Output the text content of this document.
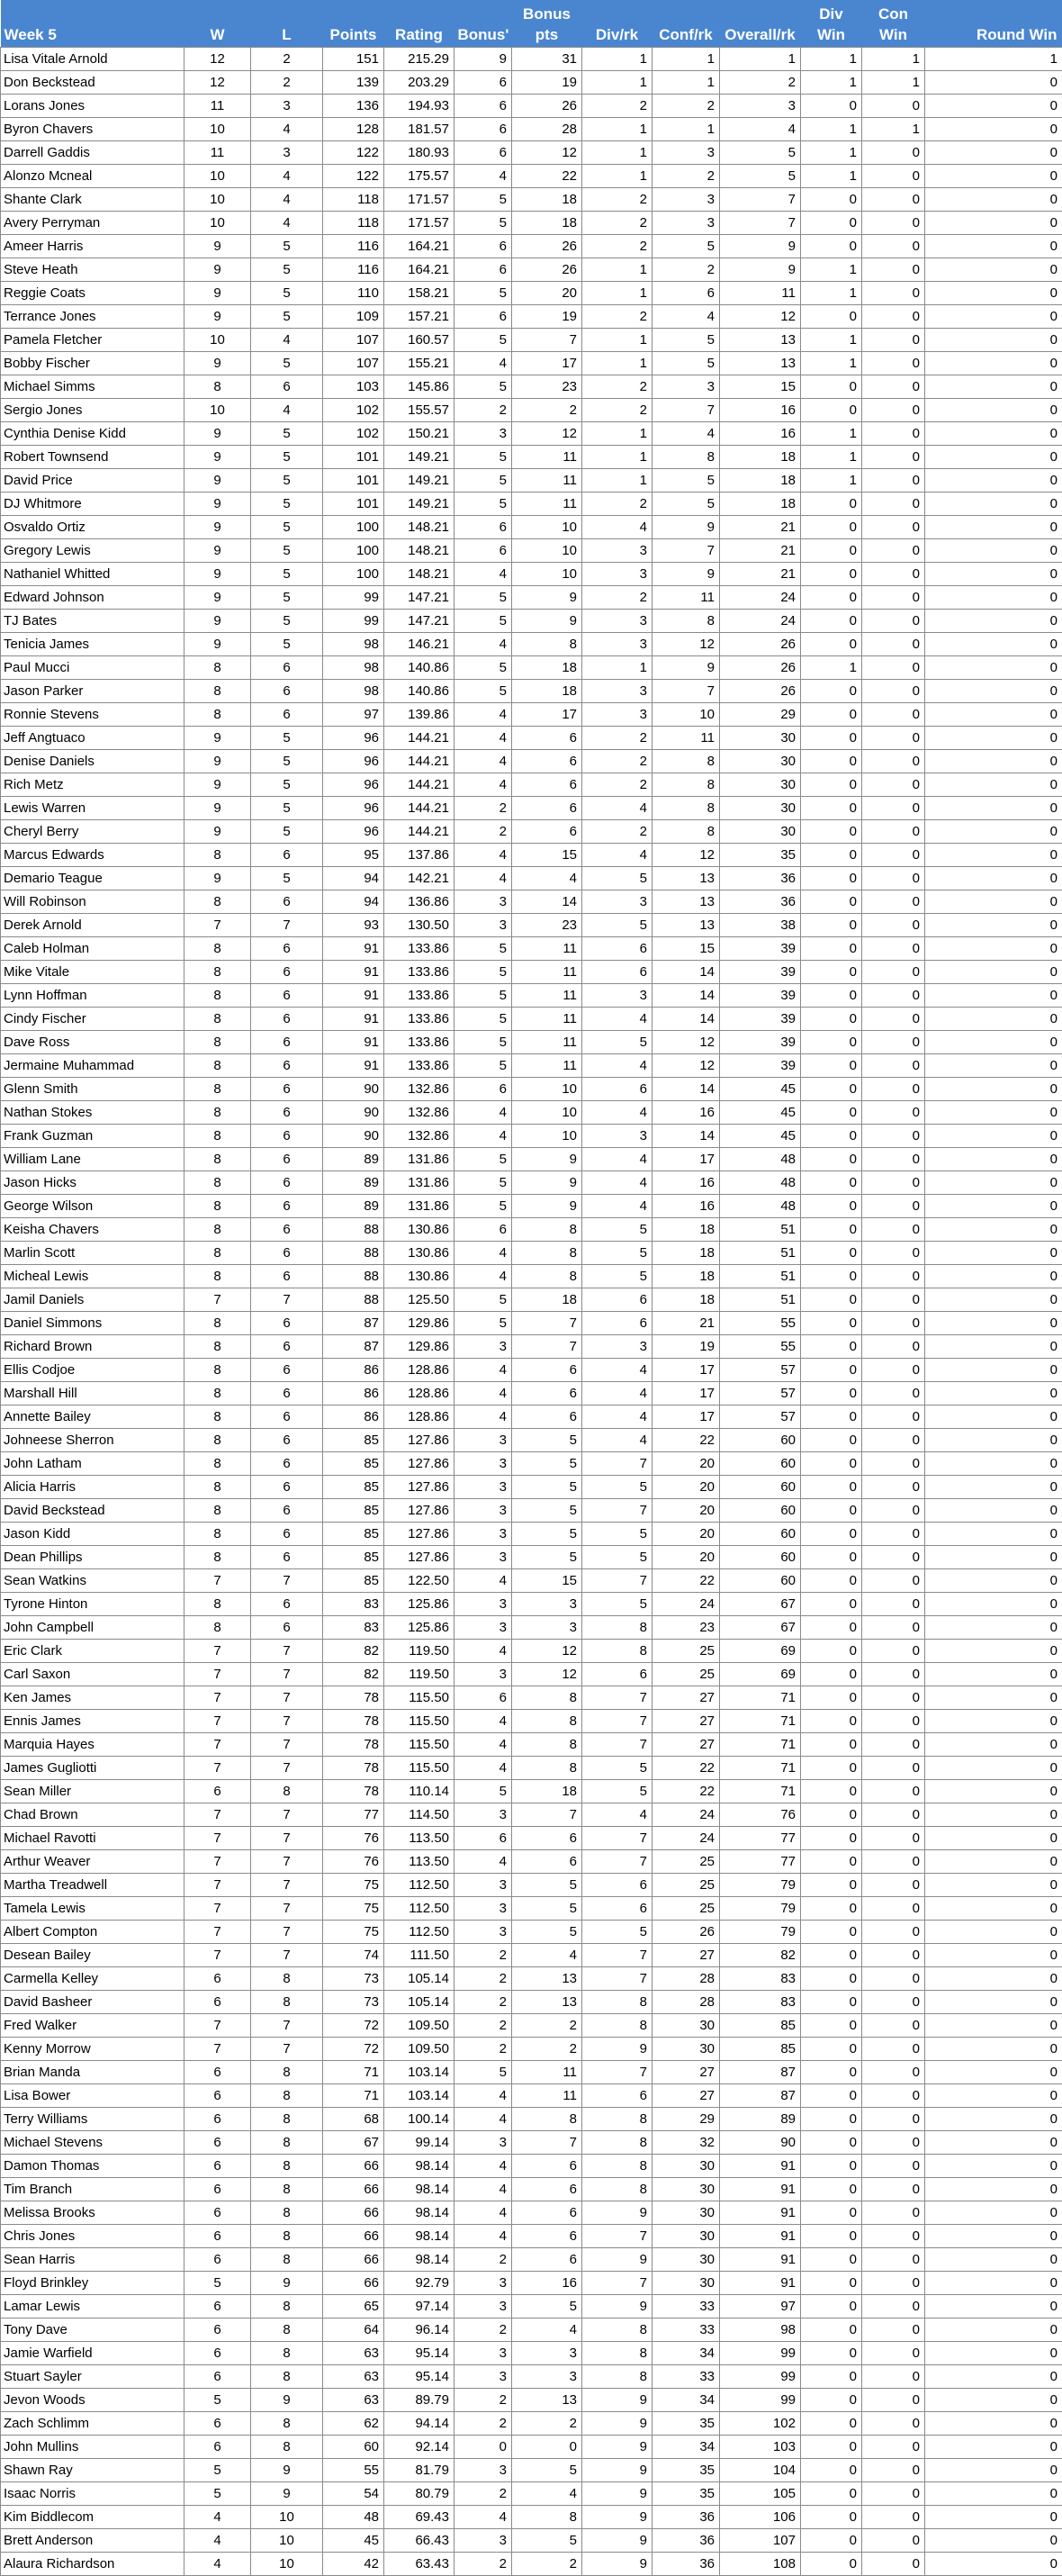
Week 5	W	L	Points	Rating	Bonus'	Bonus pts	Div/rk	Conf/rk	Overall/rk	Div Win	Con Win	Round Win
Lisa Vitale Arnold	12	2	151	215.29	9	31	1	1	1	1	1	1
Don Beckstead	12	2	139	203.29	6	19	1	1	2	1	1	0
Lorans Jones	11	3	136	194.93	6	26	2	2	3	0	0	0
Byron Chavers	10	4	128	181.57	6	28	1	1	4	1	1	0
Darrell Gaddis	11	3	122	180.93	6	12	1	3	5	1	0	0
Alonzo Mcneal	10	4	122	175.57	4	22	1	2	5	1	0	0
Shante Clark	10	4	118	171.57	5	18	2	3	7	0	0	0
Avery Perryman	10	4	118	171.57	5	18	2	3	7	0	0	0
Ameer Harris	9	5	116	164.21	6	26	2	5	9	0	0	0
Steve Heath	9	5	116	164.21	6	26	1	2	9	1	0	0
Reggie Coats	9	5	110	158.21	5	20	1	6	11	1	0	0
Terrance Jones	9	5	109	157.21	6	19	2	4	12	0	0	0
Pamela Fletcher	10	4	107	160.57	5	7	1	5	13	1	0	0
Bobby Fischer	9	5	107	155.21	4	17	1	5	13	1	0	0
Michael Simms	8	6	103	145.86	5	23	2	3	15	0	0	0
Sergio Jones	10	4	102	155.57	2	2	2	7	16	0	0	0
Cynthia Denise Kidd	9	5	102	150.21	3	12	1	4	16	1	0	0
Robert Townsend	9	5	101	149.21	5	11	1	8	18	1	0	0
David Price	9	5	101	149.21	5	11	1	5	18	1	0	0
DJ Whitmore	9	5	101	149.21	5	11	2	5	18	0	0	0
Osvaldo Ortiz	9	5	100	148.21	6	10	4	9	21	0	0	0
Gregory Lewis	9	5	100	148.21	6	10	3	7	21	0	0	0
Nathaniel Whitted	9	5	100	148.21	4	10	3	9	21	0	0	0
Edward Johnson	9	5	99	147.21	5	9	2	11	24	0	0	0
TJ Bates	9	5	99	147.21	5	9	3	8	24	0	0	0
Tenicia James	9	5	98	146.21	4	8	3	12	26	0	0	0
Paul Mucci	8	6	98	140.86	5	18	1	9	26	1	0	0
Jason Parker	8	6	98	140.86	5	18	3	7	26	0	0	0
Ronnie Stevens	8	6	97	139.86	4	17	3	10	29	0	0	0
Jeff Angtuaco	9	5	96	144.21	4	6	2	11	30	0	0	0
Denise Daniels	9	5	96	144.21	4	6	2	8	30	0	0	0
Rich Metz	9	5	96	144.21	4	6	2	8	30	0	0	0
Lewis Warren	9	5	96	144.21	2	6	4	8	30	0	0	0
Cheryl Berry	9	5	96	144.21	2	6	2	8	30	0	0	0
Marcus Edwards	8	6	95	137.86	4	15	4	12	35	0	0	0
Demario Teague	9	5	94	142.21	4	4	5	13	36	0	0	0
Will Robinson	8	6	94	136.86	3	14	3	13	36	0	0	0
Derek Arnold	7	7	93	130.50	3	23	5	13	38	0	0	0
Caleb Holman	8	6	91	133.86	5	11	6	15	39	0	0	0
Mike Vitale	8	6	91	133.86	5	11	6	14	39	0	0	0
Lynn Hoffman	8	6	91	133.86	5	11	3	14	39	0	0	0
Cindy Fischer	8	6	91	133.86	5	11	4	14	39	0	0	0
Dave Ross	8	6	91	133.86	5	11	5	12	39	0	0	0
Jermaine Muhammad	8	6	91	133.86	5	11	4	12	39	0	0	0
Glenn Smith	8	6	90	132.86	6	10	6	14	45	0	0	0
Nathan Stokes	8	6	90	132.86	4	10	4	16	45	0	0	0
Frank Guzman	8	6	90	132.86	4	10	3	14	45	0	0	0
William Lane	8	6	89	131.86	5	9	4	17	48	0	0	0
Jason Hicks	8	6	89	131.86	5	9	4	16	48	0	0	0
George Wilson	8	6	89	131.86	5	9	4	16	48	0	0	0
Keisha Chavers	8	6	88	130.86	6	8	5	18	51	0	0	0
Marlin Scott	8	6	88	130.86	4	8	5	18	51	0	0	0
Micheal Lewis	8	6	88	130.86	4	8	5	18	51	0	0	0
Jamil Daniels	7	7	88	125.50	5	18	6	18	51	0	0	0
Daniel Simmons	8	6	87	129.86	5	7	6	21	55	0	0	0
Richard Brown	8	6	87	129.86	3	7	3	19	55	0	0	0
Ellis Codjoe	8	6	86	128.86	4	6	4	17	57	0	0	0
Marshall Hill	8	6	86	128.86	4	6	4	17	57	0	0	0
Annette Bailey	8	6	86	128.86	4	6	4	17	57	0	0	0
Johneese Sherron	8	6	85	127.86	3	5	4	22	60	0	0	0
John Latham	8	6	85	127.86	3	5	7	20	60	0	0	0
Alicia Harris	8	6	85	127.86	3	5	5	20	60	0	0	0
David Beckstead	8	6	85	127.86	3	5	7	20	60	0	0	0
Jason Kidd	8	6	85	127.86	3	5	5	20	60	0	0	0
Dean Phillips	8	6	85	127.86	3	5	5	20	60	0	0	0
Sean Watkins	7	7	85	122.50	4	15	7	22	60	0	0	0
Tyrone Hinton	8	6	83	125.86	3	3	5	24	67	0	0	0
John Campbell	8	6	83	125.86	3	3	8	23	67	0	0	0
Eric Clark	7	7	82	119.50	4	12	8	25	69	0	0	0
Carl Saxon	7	7	82	119.50	3	12	6	25	69	0	0	0
Ken James	7	7	78	115.50	6	8	7	27	71	0	0	0
Ennis James	7	7	78	115.50	4	8	7	27	71	0	0	0
Marquia Hayes	7	7	78	115.50	4	8	7	27	71	0	0	0
James Gugliotti	7	7	78	115.50	4	8	5	22	71	0	0	0
Sean Miller	6	8	78	110.14	5	18	5	22	71	0	0	0
Chad Brown	7	7	77	114.50	3	7	4	24	76	0	0	0
Michael Ravotti	7	7	76	113.50	6	6	7	24	77	0	0	0
Arthur Weaver	7	7	76	113.50	4	6	7	25	77	0	0	0
Martha Treadwell	7	7	75	112.50	3	5	6	25	79	0	0	0
Tamela Lewis	7	7	75	112.50	3	5	6	25	79	0	0	0
Albert Compton	7	7	75	112.50	3	5	5	26	79	0	0	0
Desean Bailey	7	7	74	111.50	2	4	7	27	82	0	0	0
Carmella Kelley	6	8	73	105.14	2	13	7	28	83	0	0	0
David Basheer	6	8	73	105.14	2	13	8	28	83	0	0	0
Fred Walker	7	7	72	109.50	2	2	8	30	85	0	0	0
Kenny Morrow	7	7	72	109.50	2	2	9	30	85	0	0	0
Brian Manda	6	8	71	103.14	5	11	7	27	87	0	0	0
Lisa Bower	6	8	71	103.14	4	11	6	27	87	0	0	0
Terry Williams	6	8	68	100.14	4	8	8	29	89	0	0	0
Michael Stevens	6	8	67	99.14	3	7	8	32	90	0	0	0
Damon Thomas	6	8	66	98.14	4	6	8	30	91	0	0	0
Tim Branch	6	8	66	98.14	4	6	8	30	91	0	0	0
Melissa Brooks	6	8	66	98.14	4	6	9	30	91	0	0	0
Chris Jones	6	8	66	98.14	4	6	7	30	91	0	0	0
Sean Harris	6	8	66	98.14	2	6	9	30	91	0	0	0
Floyd Brinkley	5	9	66	92.79	3	16	7	30	91	0	0	0
Lamar Lewis	6	8	65	97.14	3	5	9	33	97	0	0	0
Tony Dave	6	8	64	96.14	2	4	8	33	98	0	0	0
Jamie Warfield	6	8	63	95.14	3	3	8	34	99	0	0	0
Stuart Sayler	6	8	63	95.14	3	3	8	33	99	0	0	0
Jevon Woods	5	9	63	89.79	2	13	9	34	99	0	0	0
Zach Schlimm	6	8	62	94.14	2	2	9	35	102	0	0	0
John Mullins	6	8	60	92.14	0	0	9	34	103	0	0	0
Shawn Ray	5	9	55	81.79	3	5	9	35	104	0	0	0
Isaac Norris	5	9	54	80.79	2	4	9	35	105	0	0	0
Kim Biddlecom	4	10	48	69.43	4	8	9	36	106	0	0	0
Brett Anderson	4	10	45	66.43	3	5	9	36	107	0	0	0
Alaura Richardson	4	10	42	63.43	2	2	9	36	108	0	0	0
